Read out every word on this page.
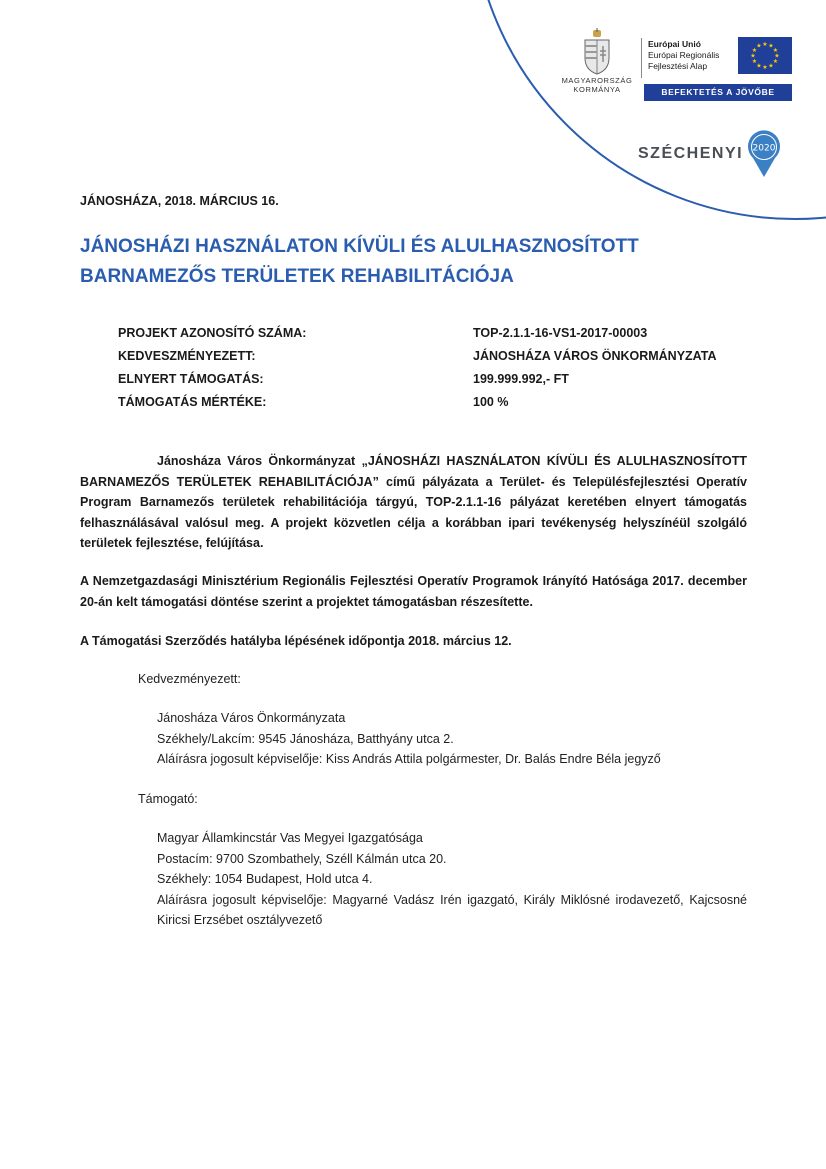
MAGYARORSZÁG
KORMÁNYA
Európai Unió
Európai Regionális
Fejlesztési Alap
★ ★
★
★
★
★
★
★
★
★
★
★
BEFEKTETÉS A JÖVŐBE
SZÉCHENYI 2020
JÁNOSHÁZA, 2018. MÁRCIUS 16.
JÁNOSHÁZI HASZNÁLATON KÍVÜLI ÉS ALULHASZNOSÍTOTT
BARNAMEZŐS TERÜLETEK REHABILITÁCIÓJA
PROJEKT AZONOSÍTÓ SZÁMA:	TOP-2.1.1-16-VS1-2017-00003
KEDVESZMÉNYEZETT:	JÁNOSHÁZA VÁROS ÖNKORMÁNYZATA
ELNYERT TÁMOGATÁS:	199.999.992,- FT
TÁMOGATÁS MÉRTÉKE:	100 %
Jánosháza Város Önkormányzat „JÁNOSHÁZI HASZNÁLATON KÍVÜLI ÉS ALULHASZNOSÍTOTT BARNAMEZŐS TERÜLETEK REHABILITÁCIÓJA” című pályázata a Terület- és Településfejlesztési Operatív Program Barnamezős területek rehabilitációja tárgyú, TOP-2.1.1-16 pályázat keretében elnyert támogatás felhasználásával valósul meg. A projekt közvetlen célja a korábban ipari tevékenység helyszínéül szolgáló területek fejlesztése, felújítása.
A Nemzetgazdasági Minisztérium Regionális Fejlesztési Operatív Programok Irányító Hatósága 2017. december 20-án kelt támogatási döntése szerint a projektet támogatásban részesítette.
A Támogatási Szerződés hatályba lépésének időpontja 2018. március 12.
Kedvezményezett:
Jánosháza Város Önkormányzata
Székhely/Lakcím: 9545 Jánosháza, Batthyány utca 2.
Aláírásra jogosult képviselője: Kiss András Attila polgármester, Dr. Balás Endre Béla jegyző
Támogató:
Magyar Államkincstár Vas Megyei Igazgatósága
Postacím: 9700 Szombathely, Széll Kálmán utca 20.
Székhely: 1054 Budapest, Hold utca 4.
Aláírásra jogosult képviselője: Magyarné Vadász Irén igazgató, Király Miklósné irodavezető, Kajcsosné Kiricsi Erzsébet osztályvezető
